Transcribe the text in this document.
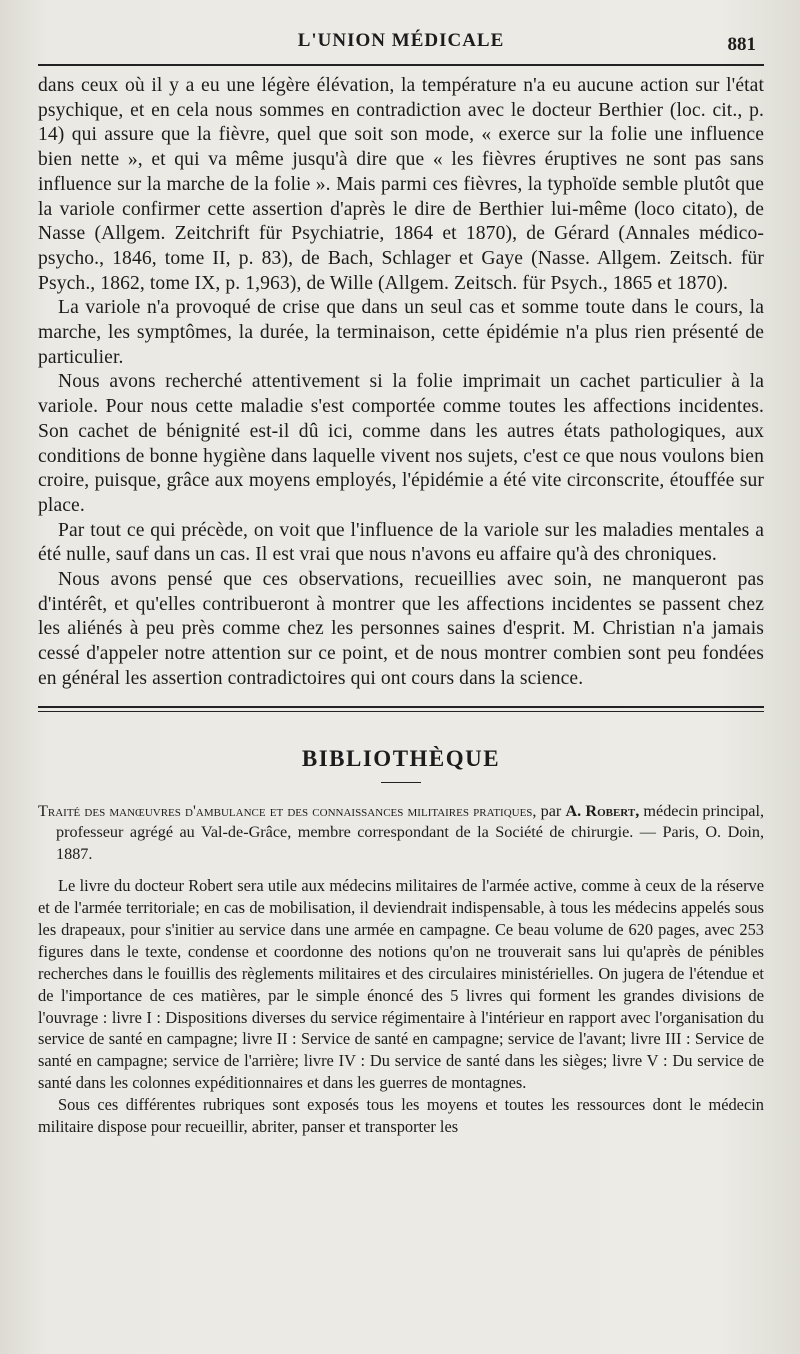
L'UNION MÉDICALE	881

dans ceux où il y a eu une légère élévation, la température n'a eu aucune action sur l'état psychique, et en cela nous sommes en contradiction avec le docteur Berthier (loc. cit., p. 14) qui assure que la fièvre, quel que soit son mode, « exerce sur la folie une influence bien nette », et qui va même jusqu'à dire que « les fièvres éruptives ne sont pas sans influence sur la marche de la folie ». Mais parmi ces fièvres, la typhoïde semble plutôt que la variole confirmer cette assertion d'après le dire de Berthier lui-même (loco citato), de Nasse (Allgem. Zeitchrift für Psychiatrie, 1864 et 1870), de Gérard (Annales médico-psycho., 1846, tome II, p. 83), de Bach, Schlager et Gaye (Nasse. Allgem. Zeitsch. für Psych., 1862, tome IX, p. 1,963), de Wille (Allgem. Zeitsch. für Psych., 1865 et 1870).

La variole n'a provoqué de crise que dans un seul cas et somme toute dans le cours, la marche, les symptômes, la durée, la terminaison, cette épidémie n'a plus rien présenté de particulier.

Nous avons recherché attentivement si la folie imprimait un cachet particulier à la variole. Pour nous cette maladie s'est comportée comme toutes les affections incidentes. Son cachet de bénignité est-il dû ici, comme dans les autres états pathologiques, aux conditions de bonne hygiène dans laquelle vivent nos sujets, c'est ce que nous voulons bien croire, puisque, grâce aux moyens employés, l'épidémie a été vite circonscrite, étouffée sur place.

Par tout ce qui précède, on voit que l'influence de la variole sur les maladies mentales a été nulle, sauf dans un cas. Il est vrai que nous n'avons eu affaire qu'à des chroniques.

Nous avons pensé que ces observations, recueillies avec soin, ne manqueront pas d'intérêt, et qu'elles contribueront à montrer que les affections incidentes se passent chez les aliénés à peu près comme chez les personnes saines d'esprit. M. Christian n'a jamais cessé d'appeler notre attention sur ce point, et de nous montrer combien sont peu fondées en général les assertion contradictoires qui ont cours dans la science.

BIBLIOTHÈQUE

Traité des manœuvres d'ambulance et des connaissances militaires pratiques, par A. Robert, médecin principal, professeur agrégé au Val-de-Grâce, membre correspondant de la Société de chirurgie. — Paris, O. Doin, 1887.

Le livre du docteur Robert sera utile aux médecins militaires de l'armée active, comme à ceux de la réserve et de l'armée territoriale; en cas de mobilisation, il deviendrait indispensable, à tous les médecins appelés sous les drapeaux, pour s'initier au service dans une armée en campagne. Ce beau volume de 620 pages, avec 253 figures dans le texte, condense et coordonne des notions qu'on ne trouverait sans lui qu'après de pénibles recherches dans le fouillis des règlements militaires et des circulaires ministérielles. On jugera de l'étendue et de l'importance de ces matières, par le simple énoncé des 5 livres qui forment les grandes divisions de l'ouvrage : livre I : Dispositions diverses du service régimentaire à l'intérieur en rapport avec l'organisation du service de santé en campagne; livre II : Service de santé en campagne; service de l'avant; livre III : Service de santé en campagne; service de l'arrière; livre IV : Du service de santé dans les sièges; livre V : Du service de santé dans les colonnes expéditionnaires et dans les guerres de montagnes.

Sous ces différentes rubriques sont exposés tous les moyens et toutes les ressources dont le médecin militaire dispose pour recueillir, abriter, panser et transporter les
